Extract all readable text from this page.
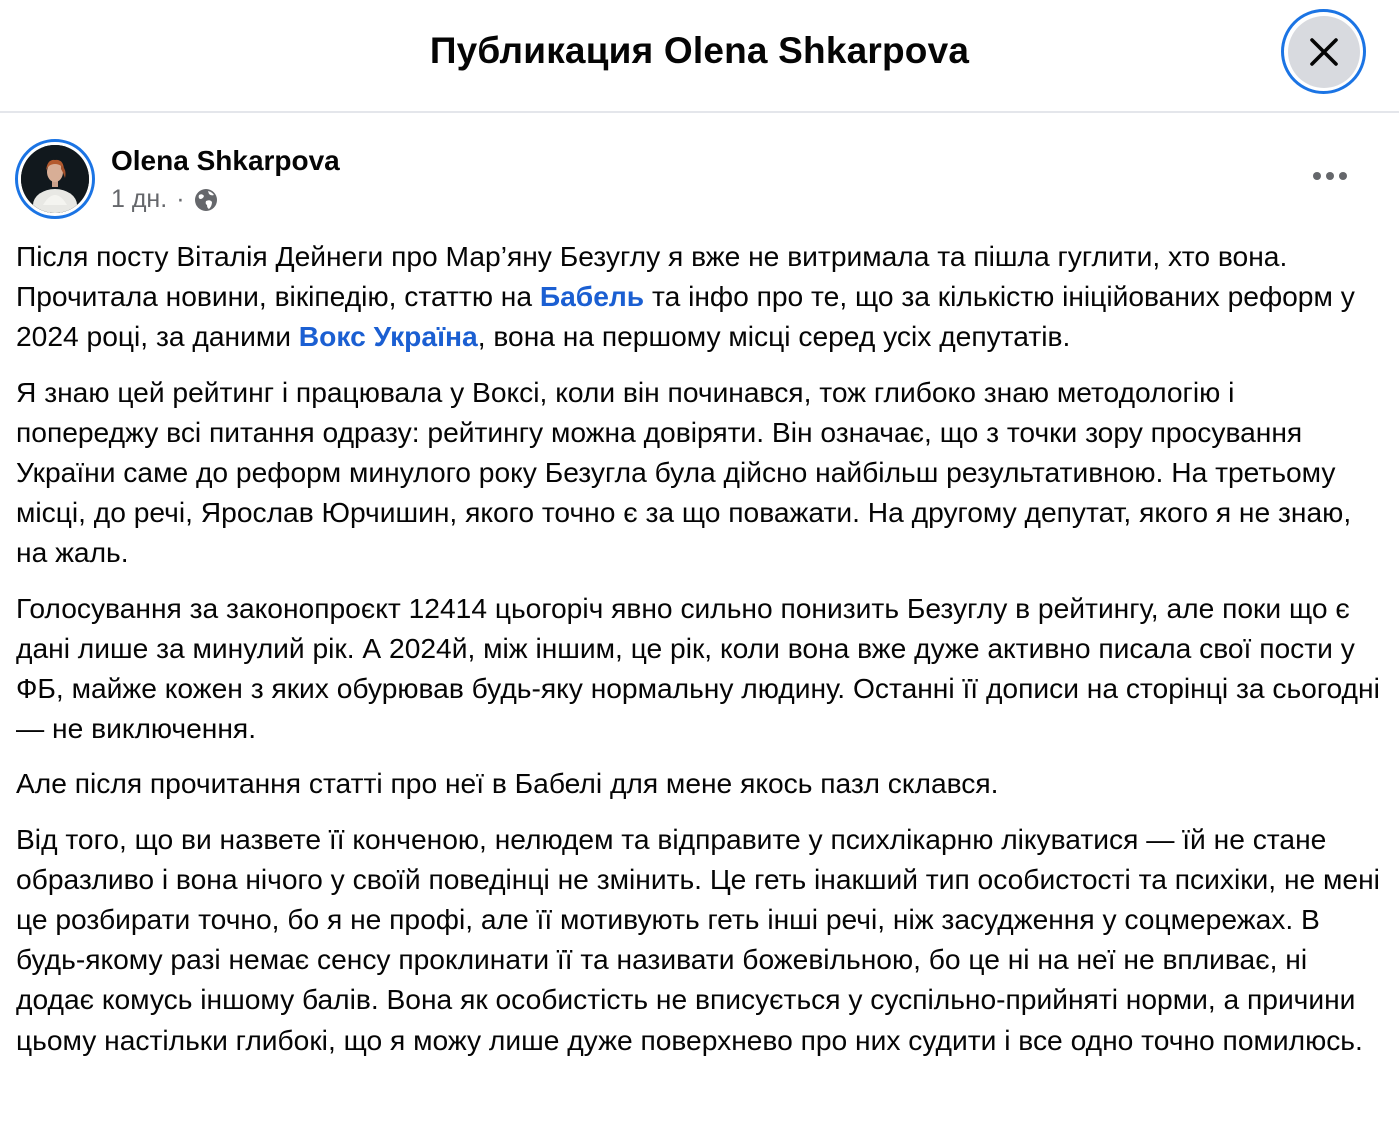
Публикация Olena Shkarpova
Olena Shkarpova
1 дн. ·

Після посту Віталія Дейнеги про Мар’яну Безуглу я вже не витримала та пішла гуглити, хто вона. Прочитала новини, вікіпедію, статтю на Бабель та інфо про те, що за кількістю ініційованих реформ у 2024 році, за даними Вокс Україна, вона на першому місці серед усіх депутатів.

Я знаю цей рейтинг і працювала у Воксі, коли він починався, тож глибоко знаю методологію і попереджу всі питання одразу: рейтингу можна довіряти. Він означає, що з точки зору просування України саме до реформ минулого року Безугла була дійсно найбільш результативною. На третьому місці, до речі, Ярослав Юрчишин, якого точно є за що поважати. На другому депутат, якого я не знаю, на жаль.

Голосування за законопроєкт 12414 цьогоріч явно сильно понизить Безуглу в рейтингу, але поки що є дані лише за минулий рік. А 2024й, між іншим, це рік, коли вона вже дуже активно писала свої пости у ФБ, майже кожен з яких обурював будь-яку нормальну людину. Останні її дописи на сторінці за сьогодні — не виключення.

Але після прочитання статті про неї в Бабелі для мене якось пазл склався.

Від того, що ви назвете її конченою, нелюдем та відправите у психлікарню лікуватися — їй не стане образливо і вона нічого у своїй поведінці не змінить. Це геть інакший тип особистості та психіки, не мені це розбирати точно, бо я не профі, але її мотивують геть інші речі, ніж засудження у соцмережах. В будь-якому разі немає сенсу проклинати її та називати божевільною, бо це ні на неї не впливає, ні додає комусь іншому балів. Вона як особистість не вписується у суспільно-прийняті норми, а причини цьому настільки глибокі, що я можу лише дуже поверхнево про них судити і все одно точно помилюсь.
